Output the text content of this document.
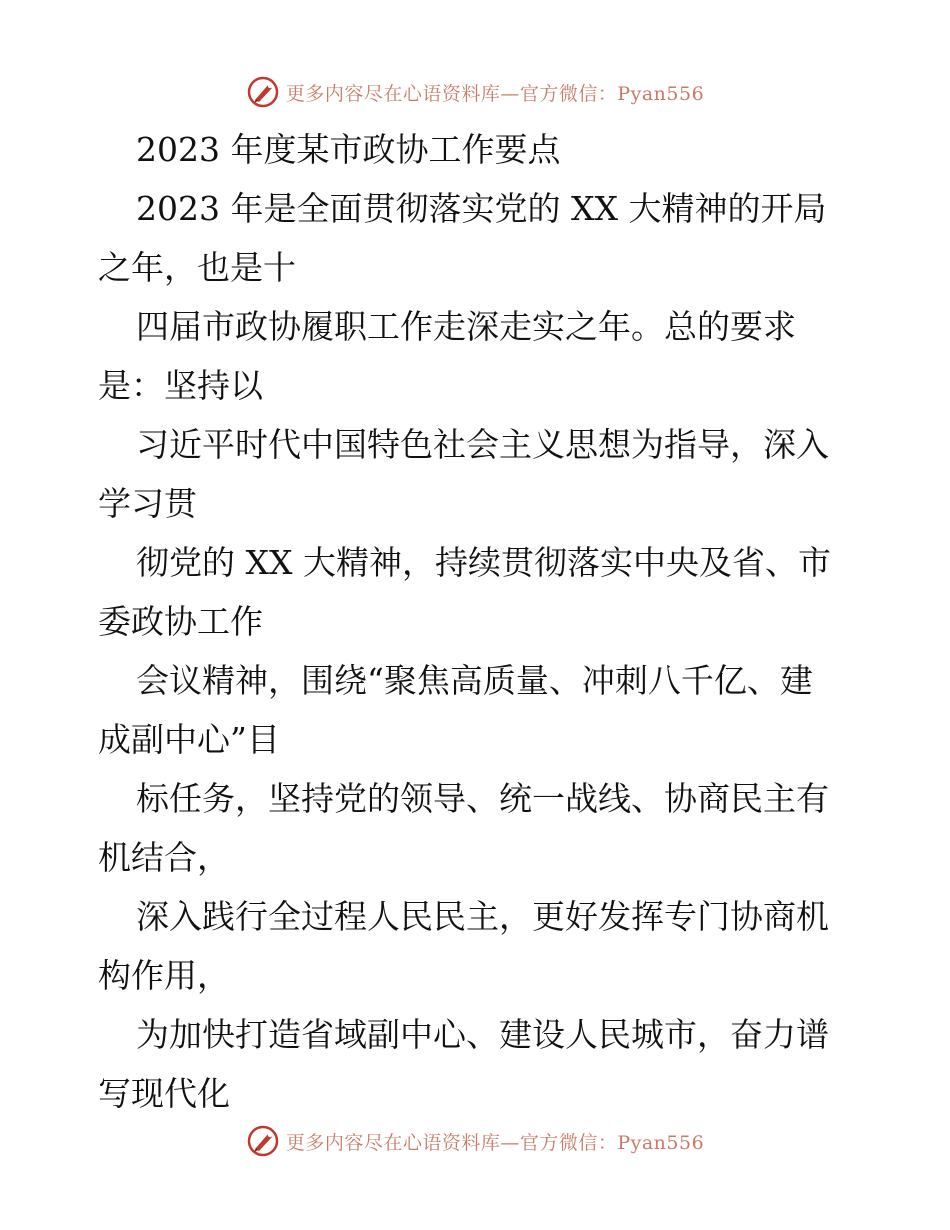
更多内容尽在心语资料库—官方微信：Pyan556
2023 年度某市政协工作要点
2023 年是全面贯彻落实党的 XX 大精神的开局
之年，也是十
四届市政协履职工作走深走实之年。总的要求
是：坚持以
习近平时代中国特色社会主义思想为指导，深入
学习贯
彻党的 XX 大精神，持续贯彻落实中央及省、市
委政协工作
会议精神，围绕“聚焦高质量、冲刺八千亿、建
成副中心”目
标任务，坚持党的领导、统一战线、协商民主有
机结合，
深入践行全过程人民民主，更好发挥专门协商机
构作用，
为加快打造省域副中心、建设人民城市，奋力谱
写现代化
更多内容尽在心语资料库—官方微信：Pyan556
